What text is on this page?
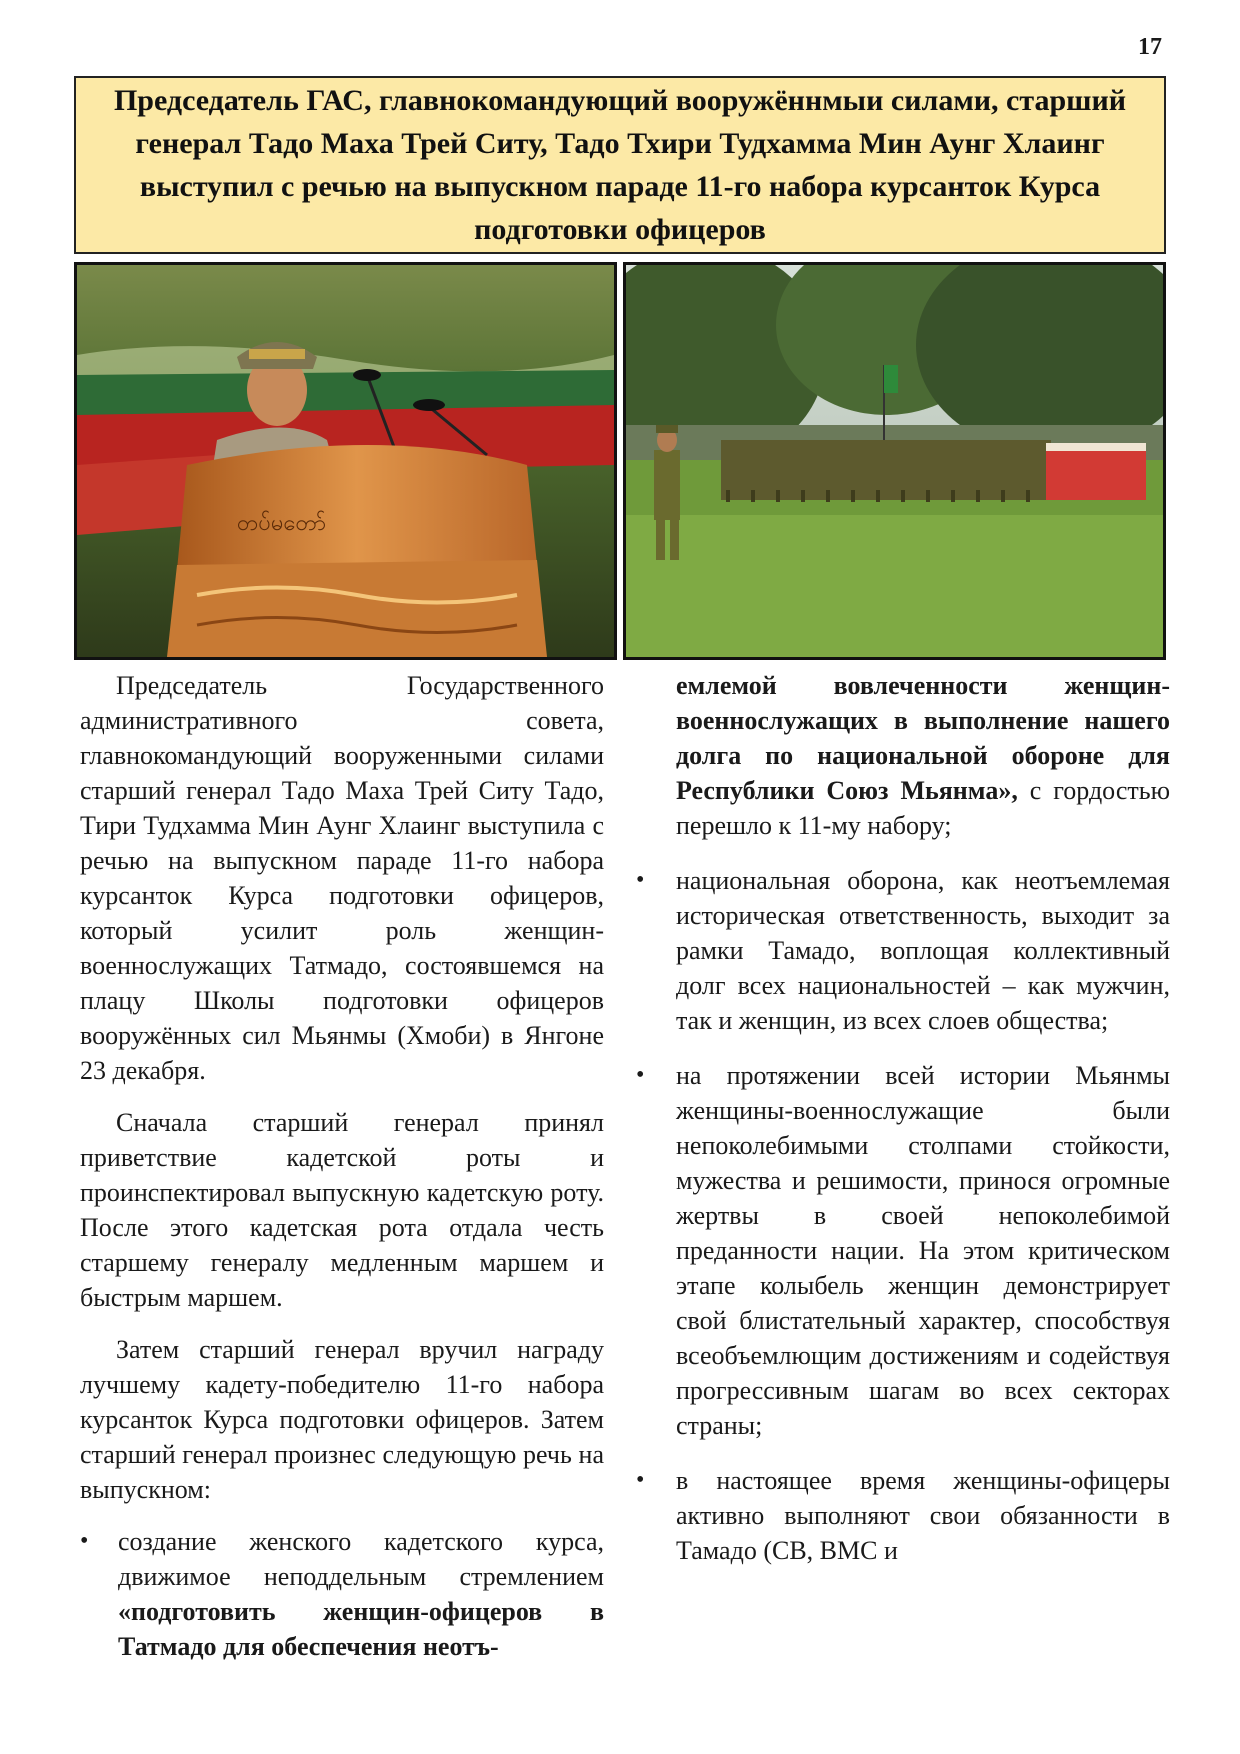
17
Председатель ГАС, главнокомандующий вооружённмыи силами, старший генерал Тадо Маха Трей Ситу, Тадо Тхири Тудхамма Мин Аунг Хлаинг выступил с речью на выпускном параде 11-го набора курсанток Курса подготовки офицеров
တပ်မတော်

Председатель Государственного административного совета, главнокомандующий вооруженными силами старший генерал Тадо Маха Трей Ситу Тадо, Тири Тудхамма Мин Аунг Хлаинг выступила с речью на выпускном параде 11-го набора курсанток Курса подготовки офицеров, который усилит роль женщин-военнослужащих Татмадо, состоявшемся на плацу Школы подготовки офицеров вооружённых сил Мьянмы (Хмоби) в Янгоне 23 декабря.

Сначала старший генерал принял приветствие кадетской роты и проинспектировал выпускную кадетскую роту. После этого кадетская рота отдала честь старшему генералу медленным маршем и быстрым маршем.

Затем старший генерал вручил награду лучшему кадету-победителю 11-го набора курсанток Курса подготовки офицеров. Затем старший генерал произнес следующую речь на выпускном:

• создание женского кадетского курса, движимое неподдельным стремлением «подготовить женщин-офицеров в Татмадо для обеспечения неотъ-

емлемой вовлеченности женщин-военнослужащих в выполнение нашего долга по национальной обороне для Республики Союз Мьянма», с гордостью перешло к 11-му набору;

• национальная оборона, как неотъемлемая историческая ответственность, выходит за рамки Тамадо, воплощая коллективный долг всех национальностей – как мужчин, так и женщин, из всех слоев общества;
• на протяжении всей истории Мьянмы женщины-военнослужащие были непоколебимыми столпами стойкости, мужества и решимости, принося огромные жертвы в своей непоколебимой преданности нации. На этом критическом этапе колыбель женщин демонстрирует свой блистательный характер, способствуя всеобъемлющим достижениям и содействуя прогрессивным шагам во всех секторах страны;
• в настоящее время женщины-офицеры активно выполняют свои обязанности в Тамадо (СВ, ВМС и
